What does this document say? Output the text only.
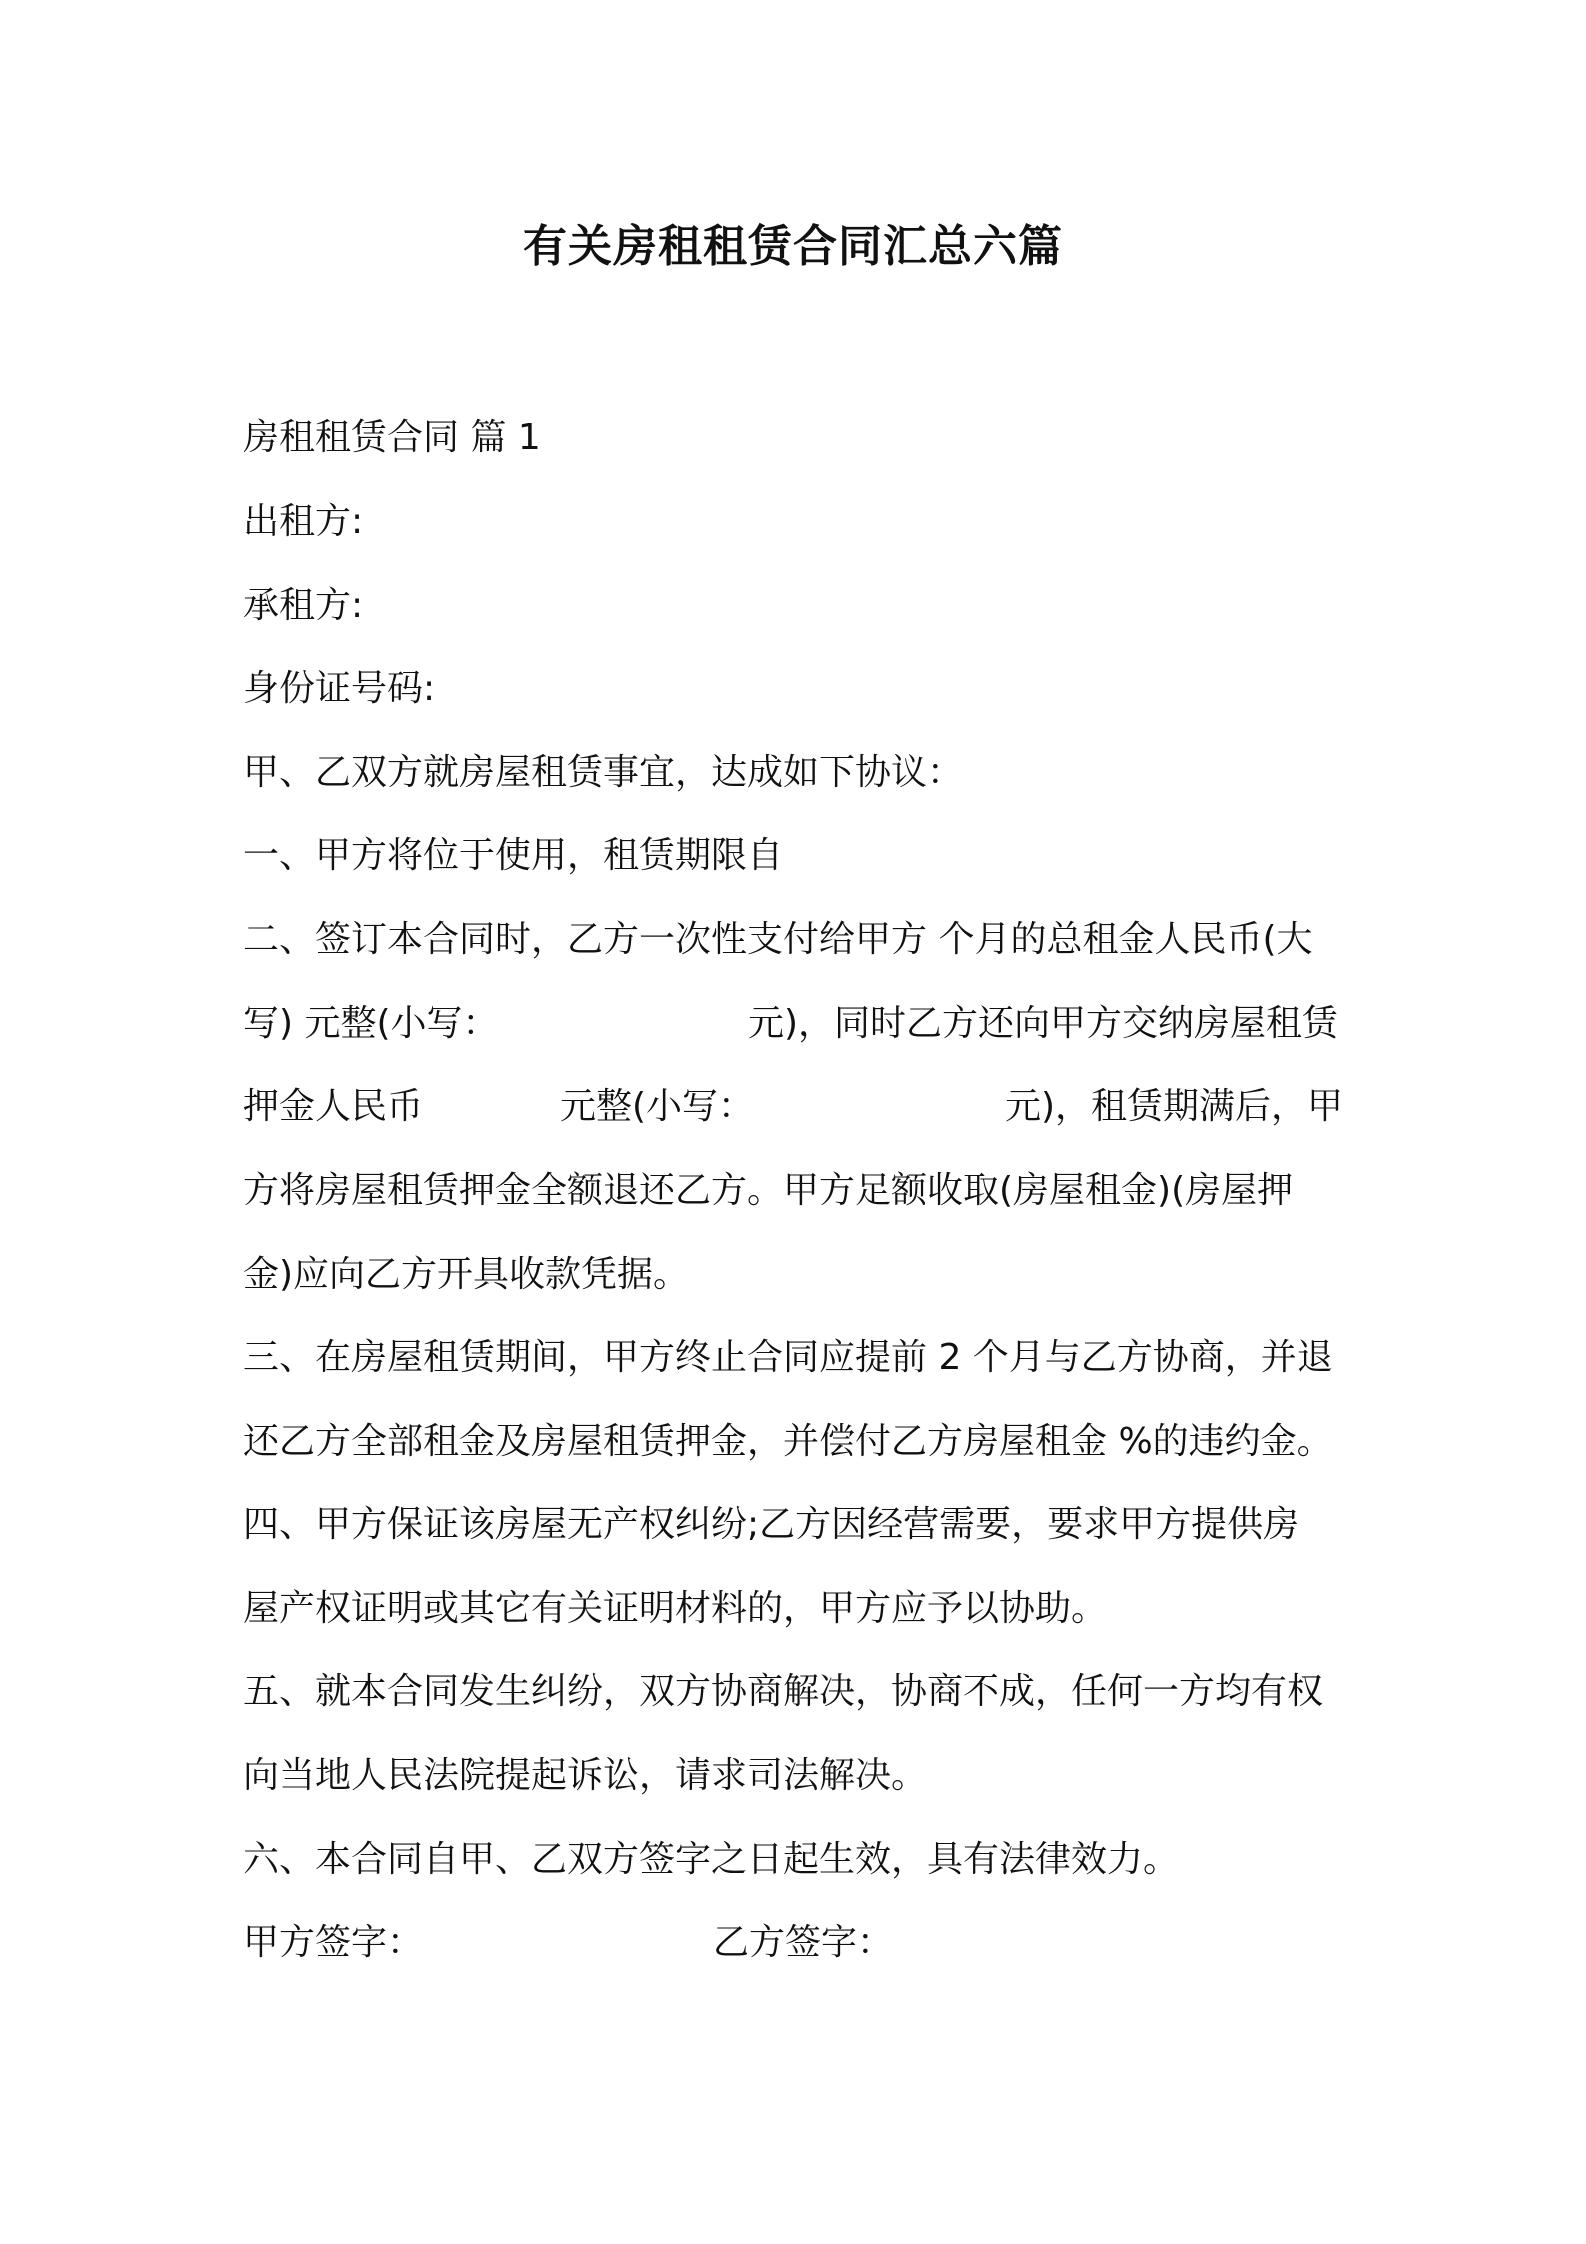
有关房租租赁合同汇总六篇
房租租赁合同 篇 1
出租方:
承租方:
身份证号码:
甲、乙双方就房屋租赁事宜，达成如下协议：
一、甲方将位于使用，租赁期限自
二、签订本合同时，乙方一次性支付给甲方 个月的总租金人民币(大
写) 元整(小写：	元)，同时乙方还向甲方交纳房屋租赁
押金人民币	元整(小写：	元)，租赁期满后，甲
方将房屋租赁押金全额退还乙方。甲方足额收取(房屋租金)(房屋押
金)应向乙方开具收款凭据。
三、在房屋租赁期间，甲方终止合同应提前 2 个月与乙方协商，并退
还乙方全部租金及房屋租赁押金，并偿付乙方房屋租金 %的违约金。
四、甲方保证该房屋无产权纠纷;乙方因经营需要，要求甲方提供房
屋产权证明或其它有关证明材料的，甲方应予以协助。
五、就本合同发生纠纷，双方协商解决，协商不成，任何一方均有权
向当地人民法院提起诉讼，请求司法解决。
六、本合同自甲、乙双方签字之日起生效，具有法律效力。
甲方签字：	乙方签字：
